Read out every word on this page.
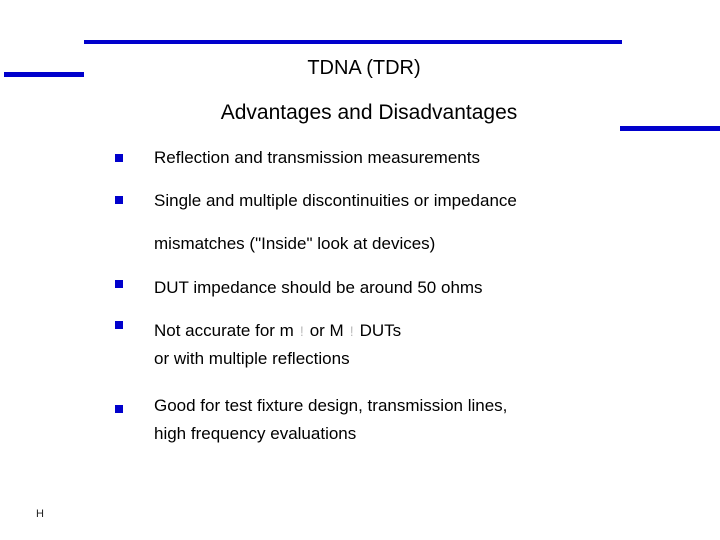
TDNA (TDR)
Advantages and Disadvantages
Reflection and transmission measurements
Single and multiple discontinuities or impedance
mismatches ("Inside" look at devices)
DUT impedance should be around 50 ohms
Not accurate for m ! or M ! DUTs
or with multiple reflections
Good for test fixture design, transmission lines,
high frequency evaluations
H
